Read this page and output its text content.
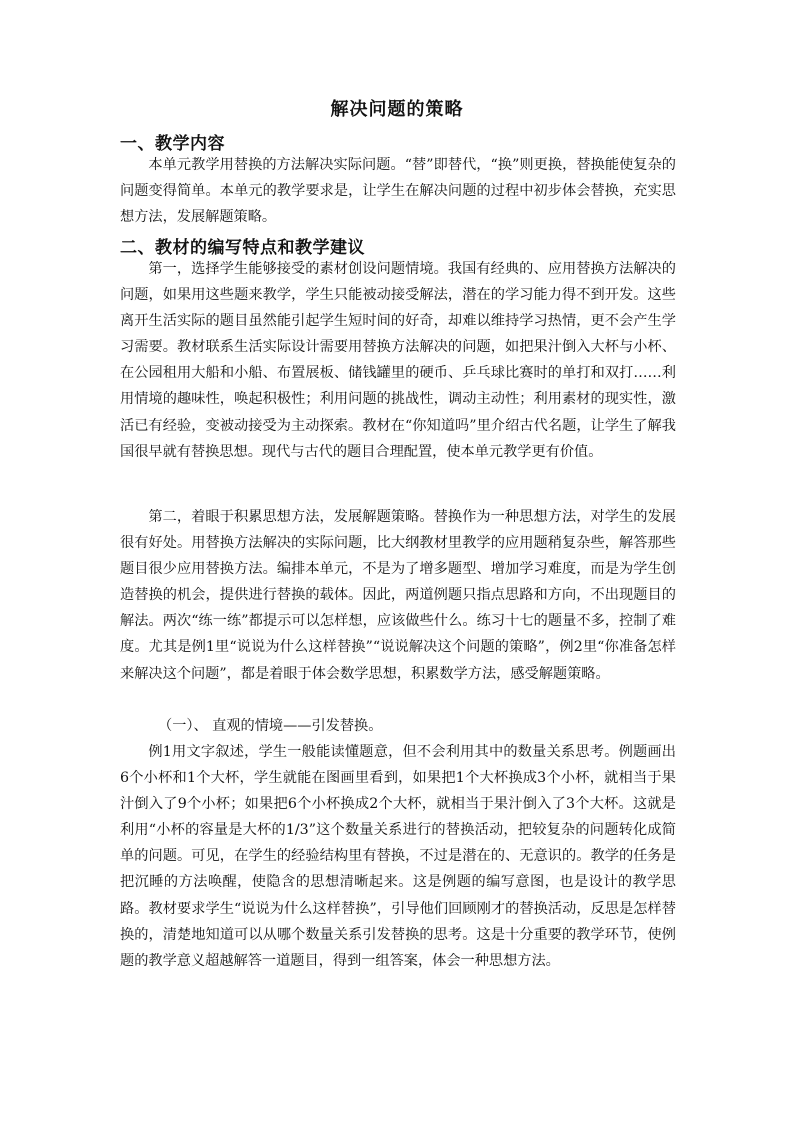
解决问题的策略
一、教学内容

本单元教学用替换的方法解决实际问题。“替”即替代，“换”则更换，替换能使复杂的问题变得简单。本单元的教学要求是，让学生在解决问题的过程中初步体会替换，充实思想方法，发展解题策略。

二、教材的编写特点和教学建议

第一，选择学生能够接受的素材创设问题情境。我国有经典的、应用替换方法解决的问题，如果用这些题来教学，学生只能被动接受解法，潜在的学习能力得不到开发。这些离开生活实际的题目虽然能引起学生短时间的好奇，却难以维持学习热情，更不会产生学习需要。教材联系生活实际设计需要用替换方法解决的问题，如把果汁倒入大杯与小杯、在公园租用大船和小船、布置展板、储钱罐里的硬币、乒乓球比赛时的单打和双打……利用情境的趣味性，唤起积极性；利用问题的挑战性，调动主动性；利用素材的现实性，激活已有经验，变被动接受为主动探索。教材在“你知道吗”里介绍古代名题，让学生了解我国很早就有替换思想。现代与古代的题目合理配置，使本单元教学更有价值。

第二，着眼于积累思想方法，发展解题策略。替换作为一种思想方法，对学生的发展很有好处。用替换方法解决的实际问题，比大纲教材里教学的应用题稍复杂些，解答那些题目很少应用替换方法。编排本单元，不是为了增多题型、增加学习难度，而是为学生创造替换的机会，提供进行替换的载体。因此，两道例题只指点思路和方向，不出现题目的解法。两次“练一练”都提示可以怎样想，应该做些什么。练习十七的题量不多，控制了难度。尤其是例1里“说说为什么这样替换”“说说解决这个问题的策略”，例2里“你准备怎样来解决这个问题”，都是着眼于体会数学思想，积累数学方法，感受解题策略。

（一）、 直观的情境——引发替换。

例1用文字叙述，学生一般能读懂题意，但不会利用其中的数量关系思考。例题画出6个小杯和1个大杯，学生就能在图画里看到，如果把1个大杯换成3个小杯，就相当于果汁倒入了9个小杯；如果把6个小杯换成2个大杯，就相当于果汁倒入了3个大杯。这就是利用“小杯的容量是大杯的1/3”这个数量关系进行的替换活动，把较复杂的问题转化成简单的问题。可见，在学生的经验结构里有替换，不过是潜在的、无意识的。教学的任务是把沉睡的方法唤醒，使隐含的思想清晰起来。这是例题的编写意图，也是设计的教学思路。教材要求学生“说说为什么这样替换”，引导他们回顾刚才的替换活动，反思是怎样替换的，清楚地知道可以从哪个数量关系引发替换的思考。这是十分重要的教学环节，使例题的教学意义超越解答一道题目，得到一组答案，体会一种思想方法。
